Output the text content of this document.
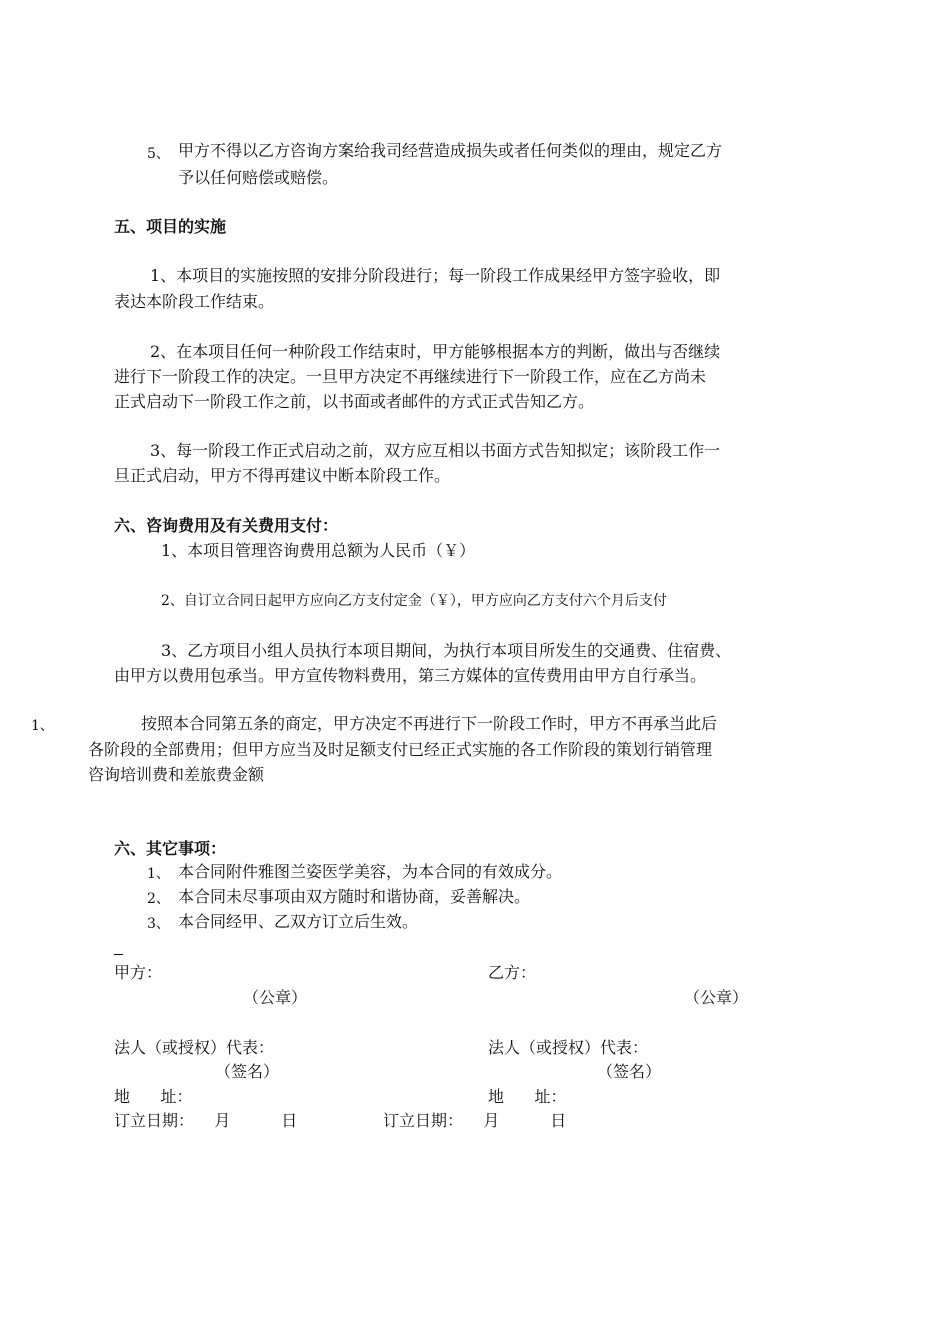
5、 甲方不得以乙方咨询方案给我司经营造成损失或者任何类似的理由，规定乙方
予以任何赔偿或赔偿。
五、项目的实施
1、本项目的实施按照的安排分阶段进行；每一阶段工作成果经甲方签字验收，即
表达本阶段工作结束。
2、在本项目任何一种阶段工作结束时，甲方能够根据本方的判断，做出与否继续
进行下一阶段工作的决定。一旦甲方决定不再继续进行下一阶段工作，应在乙方尚未
正式启动下一阶段工作之前，以书面或者邮件的方式正式告知乙方。
3、每一阶段工作正式启动之前，双方应互相以书面方式告知拟定；该阶段工作一
旦正式启动，甲方不得再建议中断本阶段工作。
六、咨询费用及有关费用支付：
1、本项目管理咨询费用总额为人民币（￥）
2、自订立合同日起甲方应向乙方支付定金（￥），甲方应向乙方支付六个月后支付
3、乙方项目小组人员执行本项目期间，为执行本项目所发生的交通费、住宿费、
由甲方以费用包承当。甲方宣传物料费用，第三方媒体的宣传费用由甲方自行承当。
1、	按照本合同第五条的商定，甲方决定不再进行下一阶段工作时，甲方不再承当此后
各阶段的全部费用；但甲方应当及时足额支付已经正式实施的各工作阶段的策划行销管理
咨询培训费和差旅费金额
六、其它事项：
1、 本合同附件雅图兰姿医学美容，为本合同的有效成分。
2、 本合同未尽事项由双方随时和谐协商，妥善解决。
3、 本合同经甲、乙双方订立后生效。
甲方：	乙方：
（公章）	（公章）
法人（或授权）代表：	法人（或授权）代表：
（签名）	（签名）
地      址：	地      址：
订立日期：    月          日	订立日期：    月          日
